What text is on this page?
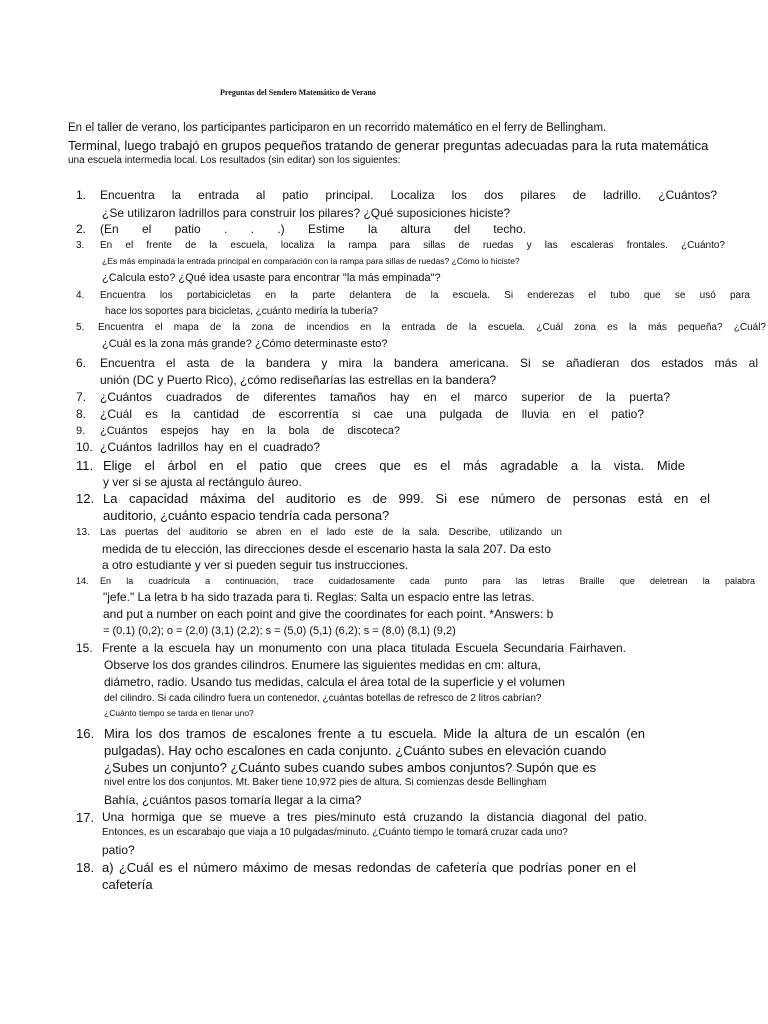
Preguntas del Sendero Matemático de Verano
En el taller de verano, los participantes participaron en un recorrido matemático en el ferry de Bellingham.
Terminal, luego trabajó en grupos pequeños tratando de generar preguntas adecuadas para la ruta matemática
una escuela intermedia local. Los resultados (sin editar) son los siguientes:
1.	Encuentra la entrada al patio principal. Localiza los dos pilares de ladrillo. ¿Cuántos?
¿Se utilizaron ladrillos para construir los pilares? ¿Qué suposiciones hiciste?
2.	(En el patio . . .) Estime la altura del techo.
3.	En el frente de la escuela, localiza la rampa para sillas de ruedas y las escaleras frontales. ¿Cuánto?
¿Es más empinada la entrada principal en comparación con la rampa para sillas de ruedas? ¿Cómo lo hiciste?
¿Calcula esto? ¿Qué idea usaste para encontrar "la más empinada"?
4.	Encuentra los portabicicletas en la parte delantera de la escuela. Si enderezas el tubo que se usó para
hace los soportes para bicicletas, ¿cuánto mediría la tubería?
5.	Encuentra el mapa de la zona de incendios en la entrada de la escuela. ¿Cuál zona es la más pequeña? ¿Cuál?
¿Cuál es la zona más grande? ¿Cómo determinaste esto?
6.	Encuentra el asta de la bandera y mira la bandera americana. Si se añadieran dos estados más al
unión (DC y Puerto Rico), ¿cómo rediseñarías las estrellas en la bandera?
7.	¿Cuántos cuadrados de diferentes tamaños hay en el marco superior de la puerta?
8.	¿Cuál es la cantidad de escorrentía si cae una pulgada de lluvia en el patio?
9.	¿Cuántos espejos hay en la bola de discoteca?
10. ¿Cuántos ladrillos hay en el cuadrado?
11. Elige el árbol en el patio que crees que es el más agradable a la vista. Mide
y ver si se ajusta al rectángulo áureo.
12. La capacidad máxima del auditorio es de 999. Si ese número de personas está en el
auditorio, ¿cuánto espacio tendría cada persona?
13.	Las puertas del auditorio se abren en el lado este de la sala. Describe, utilizando un
medida de tu elección, las direcciones desde el escenario hasta la sala 207. Da esto
a otro estudiante y ver si pueden seguir tus instrucciones.
14.	En la cuadrícula a continuación, trace cuidadosamente cada punto para las letras Braille que deletrean la palabra
"jefe." La letra b ha sido trazada para ti. Reglas: Salta un espacio entre las letras.
and put a number on each point and give the coordinates for each point. *Answers: b
= (0,1) (0,2); o = (2,0) (3,1) (2,2); s = (5,0) (5,1) (6,2); s = (8,0) (8,1) (9,2)
15. Frente a la escuela hay un monumento con una placa titulada Escuela Secundaria Fairhaven.
Observe los dos grandes cilindros. Enumere las siguientes medidas en cm: altura,
diámetro, radio. Usando tus medidas, calcula el área total de la superficie y el volumen
del cilindro. Si cada cilindro fuera un contenedor, ¿cuántas botellas de refresco de 2 litros cabrían?
¿Cuánto tiempo se tarda en llenar uno?
16. Mira los dos tramos de escalones frente a tu escuela. Mide la altura de un escalón (en
pulgadas). Hay ocho escalones en cada conjunto. ¿Cuánto subes en elevación cuando
¿Subes un conjunto? ¿Cuánto subes cuando subes ambos conjuntos? Supón que es
nivel entre los dos conjuntos. Mt. Baker tiene 10,972 pies de altura. Si comienzas desde Bellingham
Bahía, ¿cuántos pasos tomaría llegar a la cima?
17. Una hormiga que se mueve a tres pies/minuto está cruzando la distancia diagonal del patio.
Entonces, es un escarabajo que viaja a 10 pulgadas/minuto. ¿Cuánto tiempo le tomará cruzar cada uno?
patio?
18. a) ¿Cuál es el número máximo de mesas redondas de cafetería que podrías poner en el
cafetería
